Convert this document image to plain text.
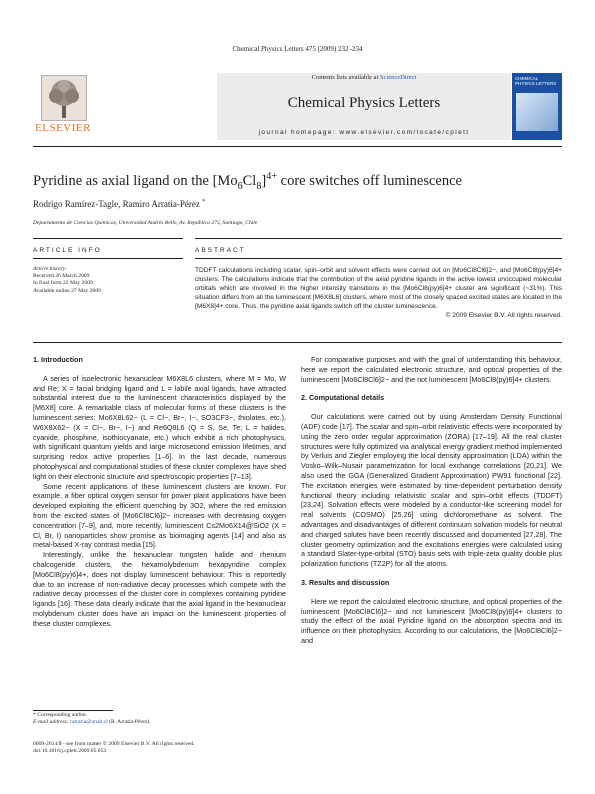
Chemical Physics Letters 475 (2009) 232–234
ELSEVIER
Contents lists available at ScienceDirect
Chemical Physics Letters
journal homepage: www.elsevier.com/locate/cplett
CHEMICAL PHYSICS LETTERS
Pyridine as axial ligand on the $[Mo_6Cl_8]^{4+}$ core switches off luminescence
Rodrigo Ramírez-Tagle, Ramiro Arratia-Pérez *
Departamento de Ciencias Químicas, Universidad Andrés Bello, Av. República 275, Santiago, Chile
ARTICLE INFO	ABSTRACT
Article history:
Received 26 March 2009
In final form 22 May 2009
Available online 27 May 2009
TDDFT calculations including scalar, spin–orbit and solvent effects were carried out on [Mo6Cl8Cl6]2−, and [Mo6Cl8(py)6]4+ clusters. The calculations indicate that the contribution of the axial pyridine ligands in the active lowest unoccupied molecular orbitals which are involved in the higher intensity transitions in the [Mo6Cl8(py)6]4+ cluster are significant (~31%). This situation differs from all the luminescent [M6X8L6] clusters, where most of the closely spaced excited states are located in the [M6X8]4+ core. Thus, the pyridine axial ligands switch off the cluster luminescence.
© 2009 Elsevier B.V. All rights reserved.
1. Introduction

A series of isoelectronic hexanuclear M6X8L6 clusters, where M = Mo, W and Re; X = facial bridging ligand and L = labile axial ligands, have attracted substantial interest due to the luminescent characteristics displayed by the [M6X8] core. A remarkable class of molecular forms of these clusters is the luminescent series: Mo6X8L62− (L = Cl−, Br−, I−, SO3CF3−, thiolates, etc.), W6X8X62− (X = Cl−, Br−, I−) and Re6Q8L6 (Q = S, Se, Te; L = halides, cyanide, phosphine, isothiocyanate, etc.) which exhibit a rich photophysics, with significant quantum yields and large microsecond emission lifetimes, and surprising redox active properties [1–6]. In the last decade, numerous photophysical and computational studies of these cluster complexes have shed light on their electronic structure and spectroscopic properties [7–13].

Some recent applications of these luminescent clusters are known. For example, a fiber optical oxygen sensor for power plant applications have been developed exploiting the efficient quenching by 3O2, where the red emission from the excited states of [Mo6Cl8Cl6]2− increases with decreasing oxygen concentration [7–9], and, more recently, luminescent Cs2Mo6X14@SiO2 (X = Cl, Br, I) nanoparticles show promise as bioimaging agents [14] and also as metal-based X-ray contrast media [15].

Interestingly, unlike the hexanuclear tungsten halide and rhenium chalcogenide clusters, the hexamolybdenum hexapyridine complex [Mo6Cl8(py)6]4+, does not display luminescent behaviour. This is reportedly due to an increase of non-radiative decay processes which compete with the radiative decay processes of the cluster core in complexes containing pyridine ligands [16]. These data clearly indicate that the axial ligand in the hexanuclear molybdenum cluster does have an impact on the luminescent properties of these cluster complexes.

For comparative purposes and with the goal of understanding this behaviour, here we report the calculated electronic structure, and optical properties of the luminescent [Mo6Cl8Cl6]2− and the not luminescent [Mo6Cl8(py)6]4+ clusters.

2. Computational details

Our calculations were carried out by using Amsterdam Density Functional (ADF) code [17]. The scalar and spin–orbit relativistic effects were incorporated by using the zero order regular approximation (ZORA) [17–19]. All the real cluster structures were fully optimized via analytical energy gradient method implemented by Verluis and Ziegler employing the local density approximation (LDA) within the Vosko–Wilk–Nusair parametrization for local exchange correlations [20,21]. We also used the GGA (Generalized Gradient Approximation) PW91 functional [22]. The excitation energies were estimated by time-dependent perturbation density functional theory including relativistic scalar and spin–orbit effects (TDDFT) [23,24]. Solvation effects were modeled by a conductor-like screening model for real solvents (COSMO) [25,26] using dichloromethane as solvent. The advantages and disadvantages of different continuum solvation models for neutral and charged solutes have been recently discussed and documented [27,28]. The cluster geometry optimization and the excitations energies were calculated using a standard Slater-type-orbital (STO) basis sets with triple-zeta quality double plus polarization functions (TZ2P) for all the atoms.

3. Results and discussion

Here we report the calculated electronic structure, and optical properties of the luminescent [Mo6Cl8Cl6]2− and not luminescent [Mo6Cl8(py)6]4+ clusters to study the effect of the axial Pyridine ligand on the absorption spectra and its influence on their photophysics. According to our calculations, the [Mo6Cl8Cl6]2− and

* Corresponding author.
E-mail address: rarratia@unab.cl (R. Arratia-Pérez).
0009-2614/$ - see front matter © 2009 Elsevier B.V. All rights reserved.
doi:10.1016/j.cplett.2009.05.053
